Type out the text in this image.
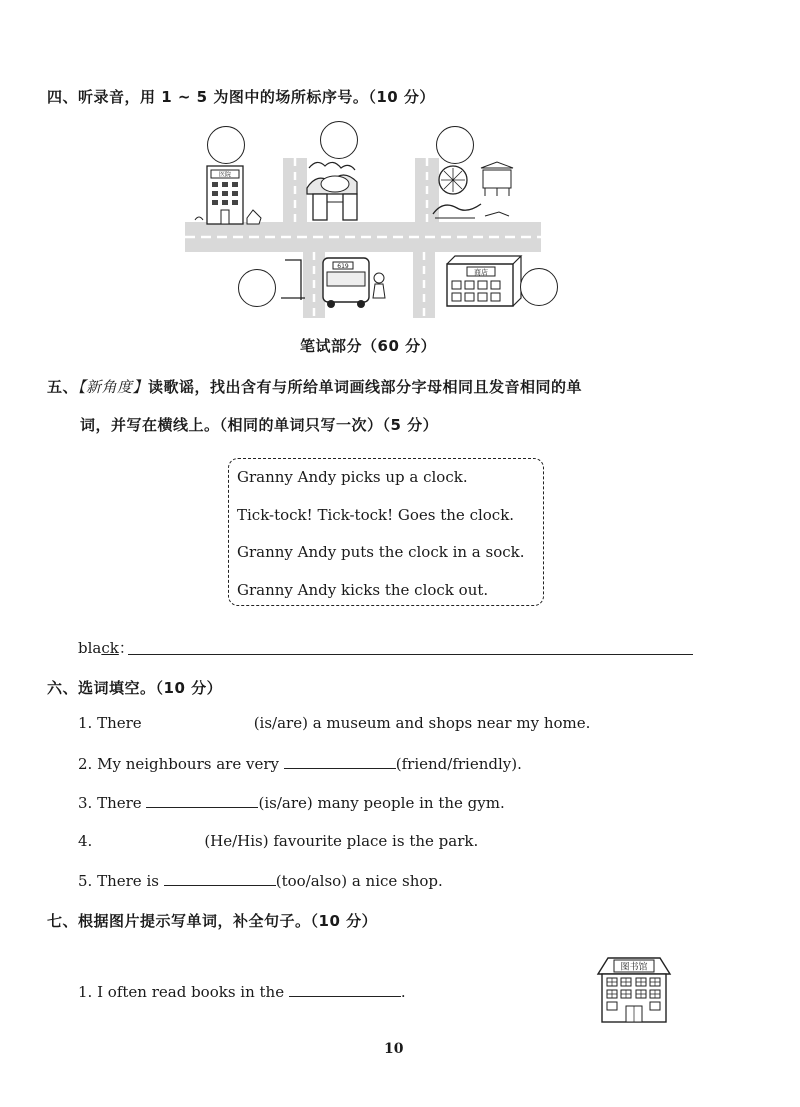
四、听录音，用 1 ~ 5 为图中的场所标序号。（10 分）
医院
619
商店
笔试部分（60 分）
五、【新角度】读歌谣，找出含有与所给单词画线部分字母相同且发音相同的单
词，并写在横线上。（相同的单词只写一次）（5 分）
Granny Andy picks up a clock.
Tick-tock! Tick-tock! Goes the clock.
Granny Andy puts the clock in a sock.
Granny Andy kicks the clock out.
black：
六、选词填空。（10 分）
1. There	(is/are) a museum and shops near my home.
2. My neighbours are very	(friend/friendly).
3. There	(is/are) many people in the gym.
4.	(He/His) favourite place is the park.
5. There is	(too/also) a nice shop.
七、根据图片提示写单词，补全句子。（10 分）
1. I often read books in the	.
图书馆
10
